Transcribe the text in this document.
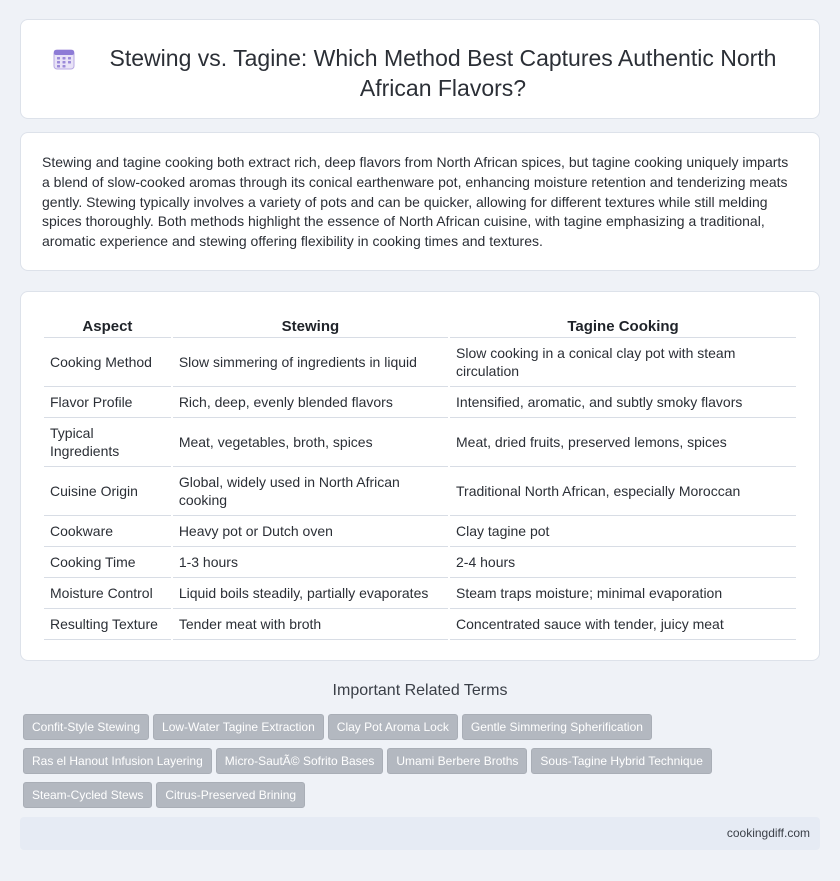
Stewing vs. Tagine: Which Method Best Captures Authentic North African Flavors?

Stewing and tagine cooking both extract rich, deep flavors from North African spices, but tagine cooking uniquely imparts a blend of slow-cooked aromas through its conical earthenware pot, enhancing moisture retention and tenderizing meats gently. Stewing typically involves a variety of pots and can be quicker, allowing for different textures while still melding spices thoroughly. Both methods highlight the essence of North African cuisine, with tagine emphasizing a traditional, aromatic experience and stewing offering flexibility in cooking times and textures.

Aspect	Stewing	Tagine Cooking
Cooking Method	Slow simmering of ingredients in liquid	Slow cooking in a conical clay pot with steam circulation
Flavor Profile	Rich, deep, evenly blended flavors	Intensified, aromatic, and subtly smoky flavors
Typical Ingredients	Meat, vegetables, broth, spices	Meat, dried fruits, preserved lemons, spices
Cuisine Origin	Global, widely used in North African cooking	Traditional North African, especially Moroccan
Cookware	Heavy pot or Dutch oven	Clay tagine pot
Cooking Time	1-3 hours	2-4 hours
Moisture Control	Liquid boils steadily, partially evaporates	Steam traps moisture; minimal evaporation
Resulting Texture	Tender meat with broth	Concentrated sauce with tender, juicy meat
Important Related Terms
Confit-Style Stewing Low-Water Tagine Extraction Clay Pot Aroma Lock Gentle Simmering Spherification
Ras el Hanout Infusion Layering Micro-SautÃ© Sofrito Bases Umami Berbere Broths Sous-Tagine Hybrid Technique
Steam-Cycled Stews Citrus-Preserved Brining
cookingdiff.com
